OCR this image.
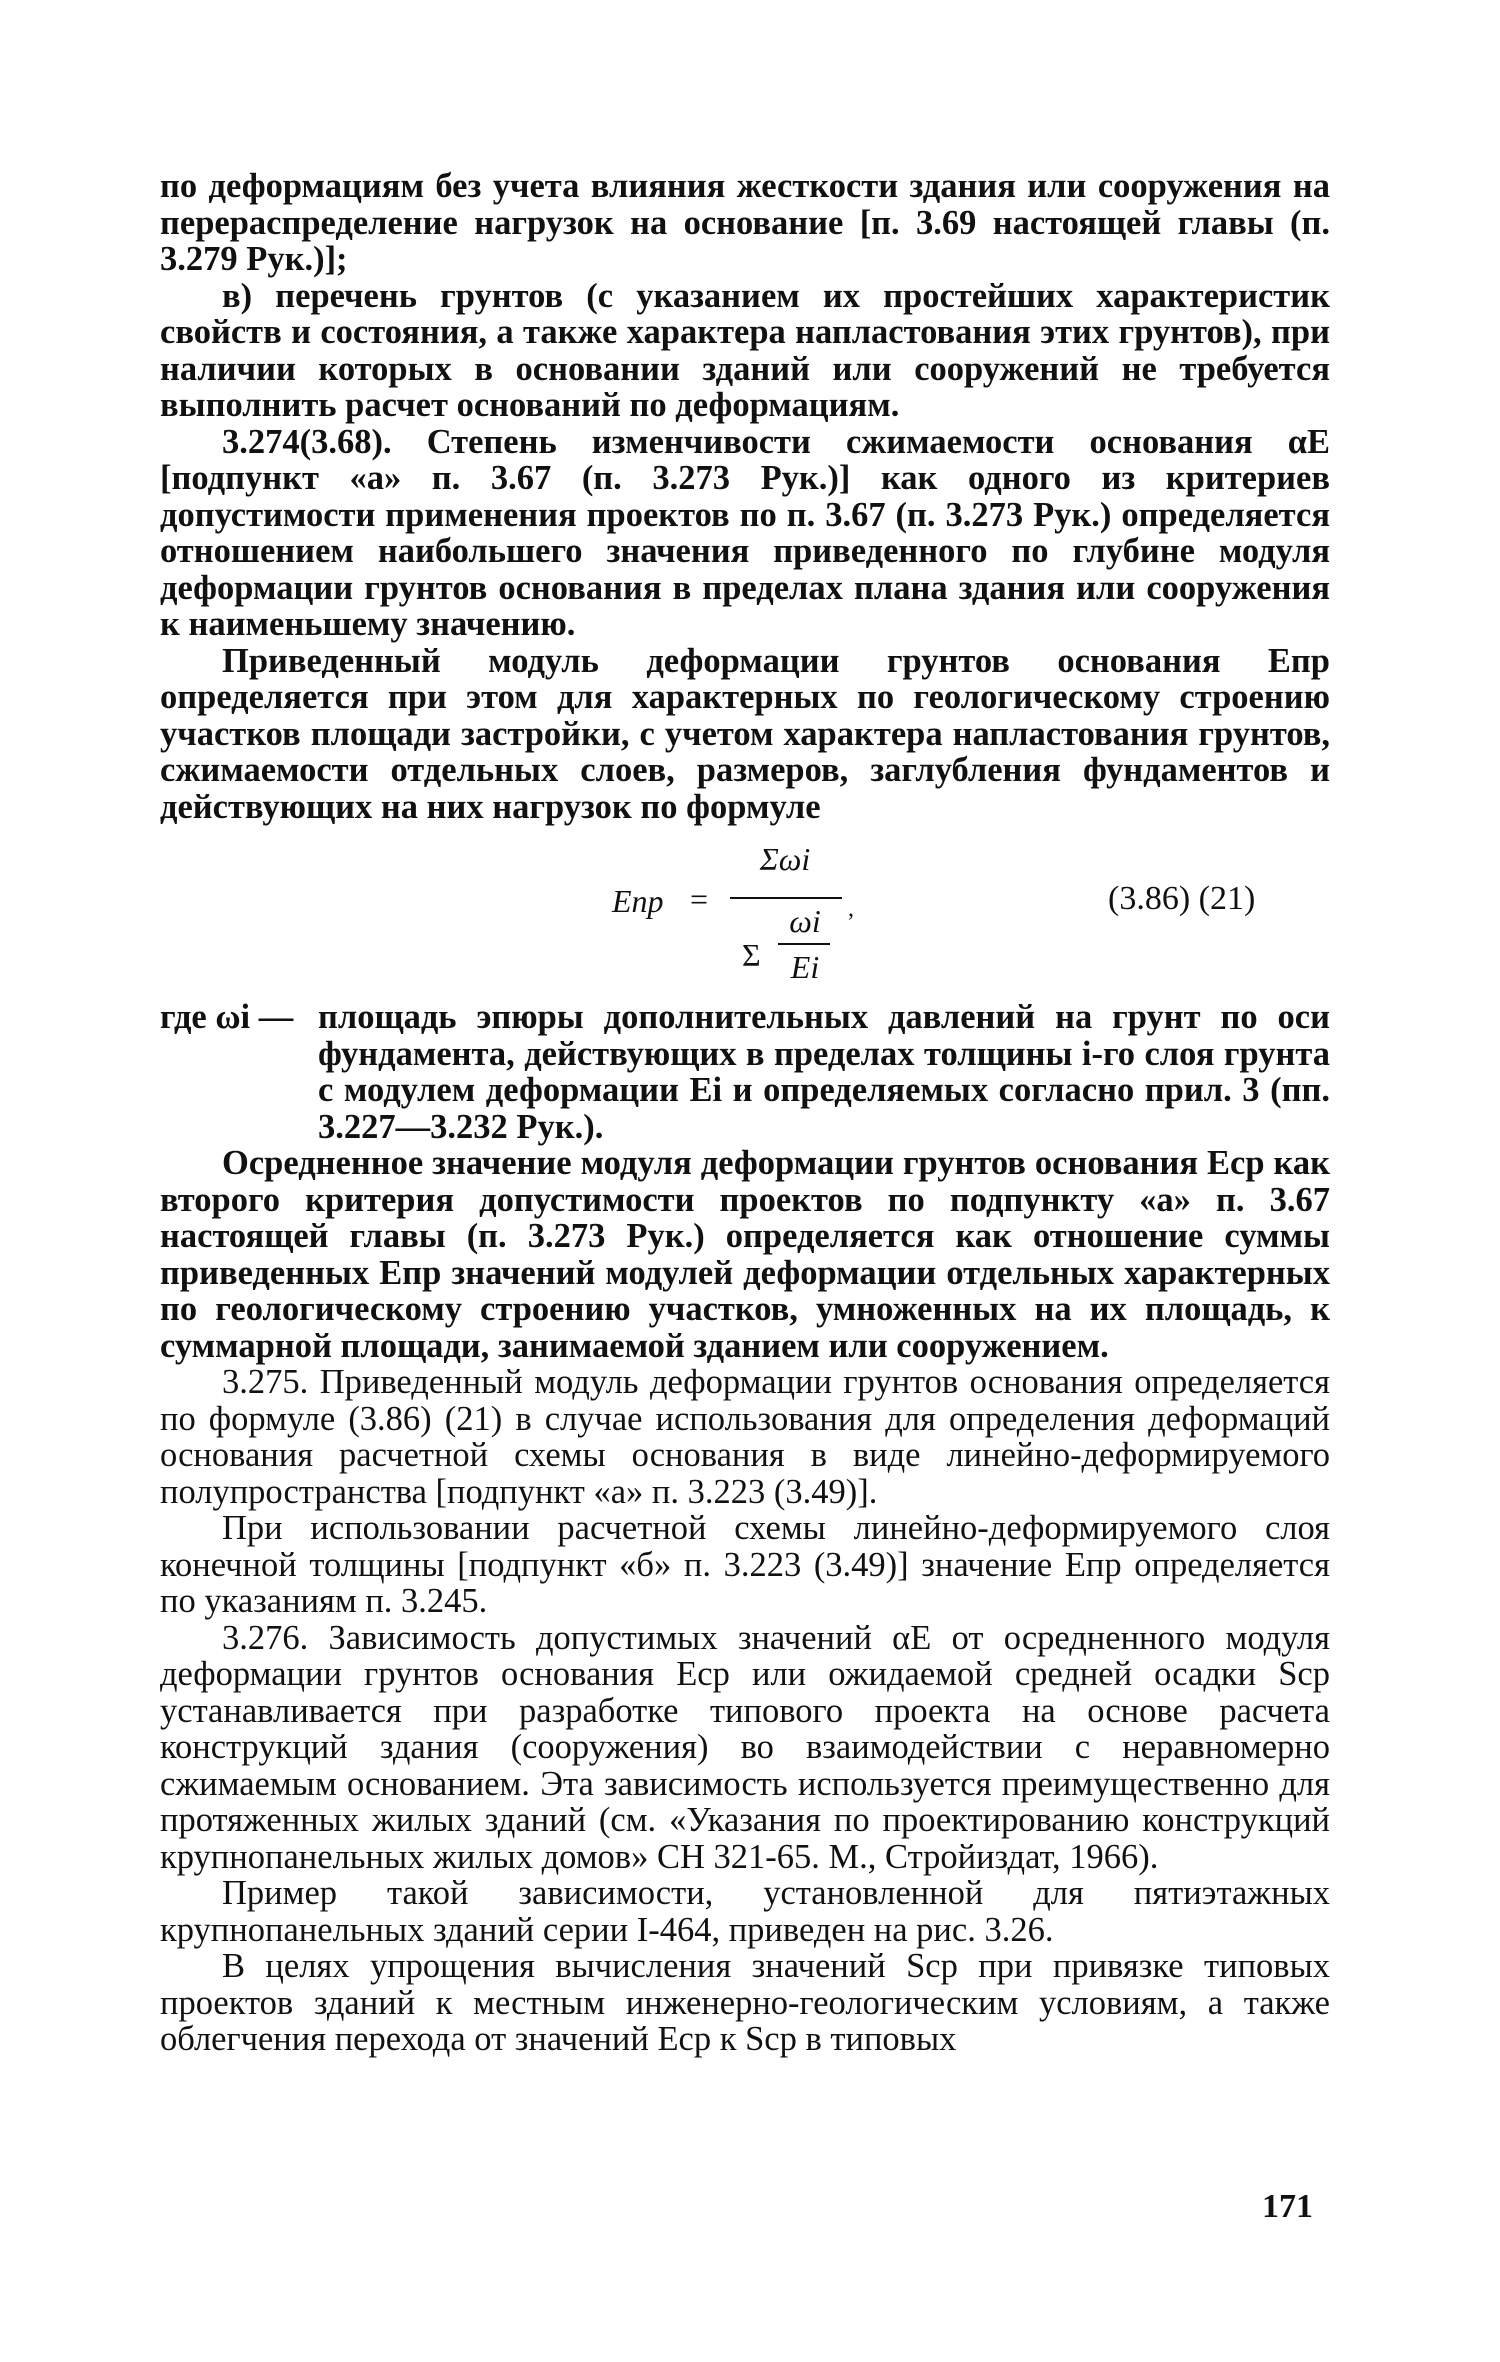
по деформациям без учета влияния жесткости здания или сооружения на перераспределение нагрузок на основание [п. 3.69 настоящей главы (п. 3.279 Рук.)];

в) перечень грунтов (с указанием их простейших характеристик свойств и состояния, а также характера напластования этих грунтов), при наличии которых в основании зданий или сооружений не требуется выполнить расчет оснований по деформациям.

3.274(3.68). Степень изменчивости сжимаемости основания αE [подпункт «а» п. 3.67 (п. 3.273 Рук.)] как одного из критериев допустимости применения проектов по п. 3.67 (п. 3.273 Рук.) определяется отношением наибольшего значения приведенного по глубине модуля деформации грунтов основания в пределах плана здания или сооружения к наименьшему значению.

Приведенный модуль деформации грунтов основания Eпр определяется при этом для характерных по геологическому строению участков площади застройки, с учетом характера напластования грунтов, сжимаемости отдельных слоев, размеров, заглубления фундаментов и действующих на них нагрузок по формуле

Eпр =
Σωi
Σ
ωi
Ei
,	(3.86) (21)
где ωi — площадь эпюры дополнительных давлений на грунт по оси фундамента, действующих в пределах толщины i-го слоя грунта с модулем деформации Ei и определяемых согласно прил. 3 (пп. 3.227—3.232 Рук.).

Осредненное значение модуля деформации грунтов основания Eср как второго критерия допустимости проектов по подпункту «а» п. 3.67 настоящей главы (п. 3.273 Рук.) определяется как отношение суммы приведенных Eпр значений модулей деформации отдельных характерных по геологическому строению участков, умноженных на их площадь, к суммарной площади, занимаемой зданием или сооружением.

3.275. Приведенный модуль деформации грунтов основания определяется по формуле (3.86) (21) в случае использования для определения деформаций основания расчетной схемы основания в виде линейно-деформируемого полупространства [подпункт «а» п. 3.223 (3.49)].

При использовании расчетной схемы линейно-деформируемого слоя конечной толщины [подпункт «б» п. 3.223 (3.49)] значение Eпр определяется по указаниям п. 3.245.

3.276. Зависимость допустимых значений αE от осредненного модуля деформации грунтов основания Eср или ожидаемой средней осадки Sср устанавливается при разработке типового проекта на основе расчета конструкций здания (сооружения) во взаимодействии с неравномерно сжимаемым основанием. Эта зависимость используется преимущественно для протяженных жилых зданий (см. «Указания по проектированию конструкций крупнопанельных жилых домов» СН 321-65. М., Стройиздат, 1966).

Пример такой зависимости, установленной для пятиэтажных крупнопанельных зданий серии I-464, приведен на рис. 3.26.

В целях упрощения вычисления значений Sср при привязке типовых проектов зданий к местным инженерно-геологическим условиям, а также облегчения перехода от значений Eср к Sср в типовых

171
